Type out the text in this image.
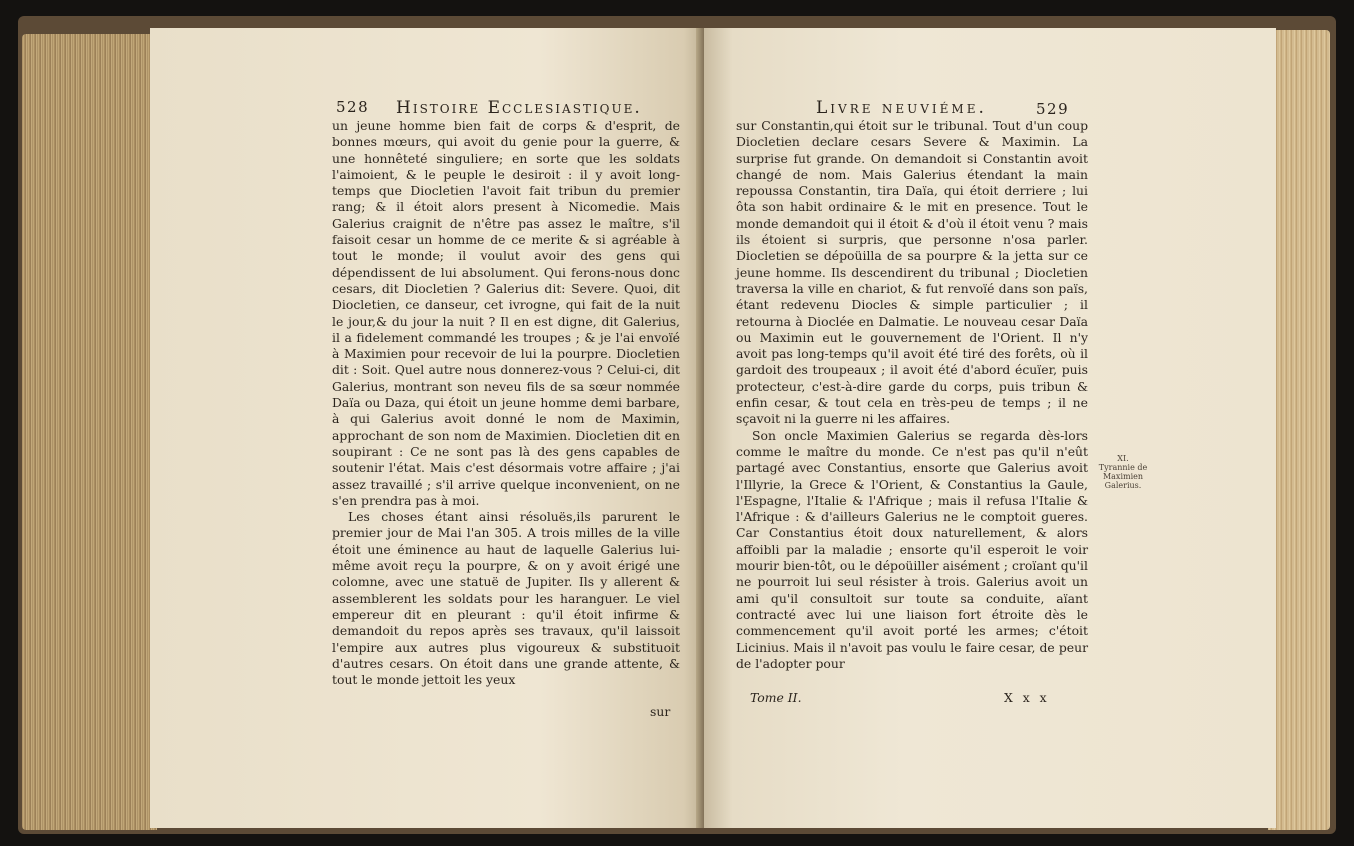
528 Histoire Ecclesiastique.

un jeune homme bien fait de corps & d'esprit, de bonnes mœurs, qui avoit du genie pour la guerre, & une honnêteté singuliere; en sorte que les soldats l'aimoient, & le peuple le desiroit : il y avoit long-temps que Diocletien l'avoit fait tribun du premier rang; & il étoit alors present à Nicomedie. Mais Galerius craignit de n'être pas assez le maître, s'il faisoit cesar un homme de ce merite & si agréable à tout le monde; il voulut avoir des gens qui dépendissent de lui absolument. Qui ferons-nous donc cesars, dit Diocletien ? Galerius dit: Severe. Quoi, dit Diocletien, ce danseur, cet ivrogne, qui fait de la nuit le jour,& du jour la nuit ? Il en est digne, dit Galerius, il a fidelement commandé les troupes ; & je l'ai envoïé à Maximien pour recevoir de lui la pourpre. Diocletien dit : Soit. Quel autre nous donnerez-vous ? Celui-ci, dit Galerius, montrant son neveu fils de sa sœur nommée Daïa ou Daza, qui étoit un jeune homme demi barbare, à qui Galerius avoit donné le nom de Maximin, approchant de son nom de Maximien. Diocletien dit en soupirant : Ce ne sont pas là des gens capables de soutenir l'état. Mais c'est désormais votre affaire ; j'ai assez travaillé ; s'il arrive quelque inconvenient, on ne s'en prendra pas à moi.

Les choses étant ainsi résoluës,ils parurent le premier jour de Mai l'an 305. A trois milles de la ville étoit une éminence au haut de laquelle Galerius lui-même avoit reçu la pourpre, & on y avoit érigé une colomne, avec une statuë de Jupiter. Ils y allerent & assemblerent les soldats pour les haranguer. Le viel empereur dit en pleurant : qu'il étoit infirme & demandoit du repos après ses travaux, qu'il laissoit l'empire aux autres plus vigoureux & substituoit d'autres cesars. On étoit dans une grande attente, & tout le monde jettoit les yeux

sur
Livre neuviéme.	529

sur Constantin,qui étoit sur le tribunal. Tout d'un coup Diocletien declare cesars Severe & Maximin. La surprise fut grande. On demandoit si Constantin avoit changé de nom. Mais Galerius étendant la main repoussa Constantin, tira Daïa, qui étoit derriere ; lui ôta son habit ordinaire & le mit en presence. Tout le monde demandoit qui il étoit & d'où il étoit venu ? mais ils étoient si surpris, que personne n'osa parler. Diocletien se dépoüilla de sa pourpre & la jetta sur ce jeune homme. Ils descendirent du tribunal ; Diocletien traversa la ville en chariot, & fut renvoïé dans son païs, étant redevenu Diocles & simple particulier ; il retourna à Dioclée en Dalmatie. Le nouveau cesar Daïa ou Maximin eut le gouvernement de l'Orient. Il n'y avoit pas long-temps qu'il avoit été tiré des forêts, où il gardoit des troupeaux ; il avoit été d'abord écuïer, puis protecteur, c'est-à-dire garde du corps, puis tribun & enfin cesar, & tout cela en très-peu de temps ; il ne sçavoit ni la guerre ni les affaires.

Son oncle Maximien Galerius se regarda dès-lors comme le maître du monde. Ce n'est pas qu'il n'eût partagé avec Constantius, ensorte que Galerius avoit l'Illyrie, la Grece & l'Orient, & Constantius la Gaule, l'Espagne, l'Italie & l'Afrique ; mais il refusa l'Italie & l'Afrique : & d'ailleurs Galerius ne le comptoit gueres. Car Constantius étoit doux naturellement, & alors affoibli par la maladie ; ensorte qu'il esperoit le voir mourir bien-tôt, ou le dépoüiller aisément ; croïant qu'il ne pourroit lui seul résister à trois. Galerius avoit un ami qu'il consultoit sur toute sa conduite, aïant contracté avec lui une liaison fort étroite dès le commencement qu'il avoit porté les armes; c'étoit Licinius. Mais il n'avoit pas voulu le faire cesar, de peur de l'adopter pour

Tome II.	X x x
XI.
Tyrannie de Maximien Galerius.
